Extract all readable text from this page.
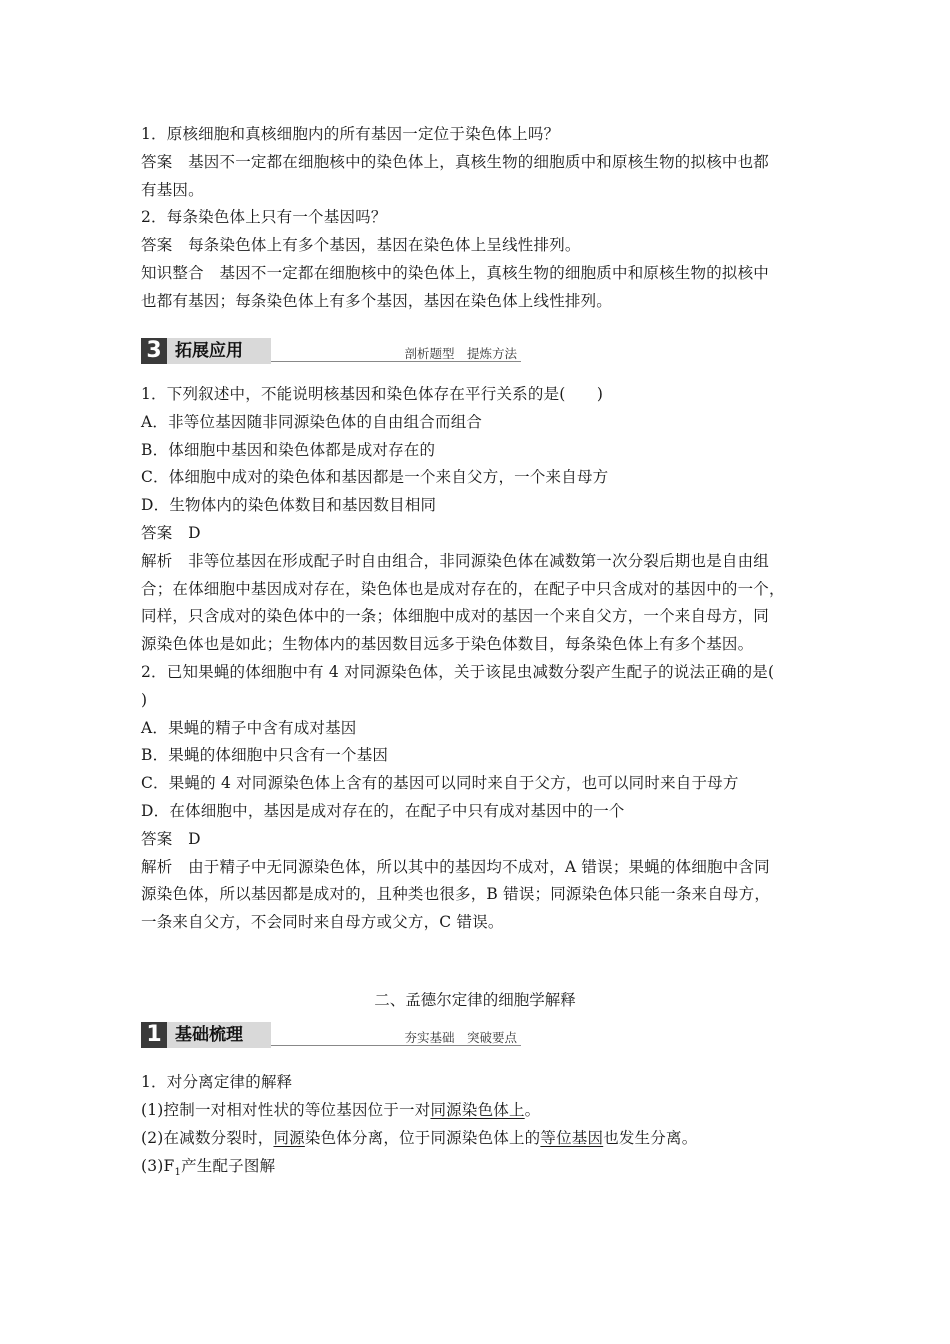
1．原核细胞和真核细胞内的所有基因一定位于染色体上吗？
答案　基因不一定都在细胞核中的染色体上，真核生物的细胞质中和原核生物的拟核中也都
有基因。
2．每条染色体上只有一个基因吗？
答案　每条染色体上有多个基因，基因在染色体上呈线性排列。
知识整合　基因不一定都在细胞核中的染色体上，真核生物的细胞质中和原核生物的拟核中
也都有基因；每条染色体上有多个基因，基因在染色体上线性排列。
3 拓展应用	剖析题型　提炼方法
1．下列叙述中，不能说明核基因和染色体存在平行关系的是(　　)
A．非等位基因随非同源染色体的自由组合而组合
B．体细胞中基因和染色体都是成对存在的
C．体细胞中成对的染色体和基因都是一个来自父方，一个来自母方
D．生物体内的染色体数目和基因数目相同
答案　D
解析　非等位基因在形成配子时自由组合，非同源染色体在减数第一次分裂后期也是自由组
合；在体细胞中基因成对存在，染色体也是成对存在的，在配子中只含成对的基因中的一个，
同样，只含成对的染色体中的一条；体细胞中成对的基因一个来自父方，一个来自母方，同
源染色体也是如此；生物体内的基因数目远多于染色体数目，每条染色体上有多个基因。
2．已知果蝇的体细胞中有 4 对同源染色体，关于该昆虫减数分裂产生配子的说法正确的是(
)
A．果蝇的精子中含有成对基因
B．果蝇的体细胞中只含有一个基因
C．果蝇的 4 对同源染色体上含有的基因可以同时来自于父方，也可以同时来自于母方
D．在体细胞中，基因是成对存在的，在配子中只有成对基因中的一个
答案　D
解析　由于精子中无同源染色体，所以其中的基因均不成对，A 错误；果蝇的体细胞中含同
源染色体，所以基因都是成对的，且种类也很多，B 错误；同源染色体只能一条来自母方，
一条来自父方，不会同时来自母方或父方，C 错误。
二、孟德尔定律的细胞学解释
1 基础梳理	夯实基础　突破要点
1．对分离定律的解释
(1)控制一对相对性状的等位基因位于一对同源染色体上。
(2)在减数分裂时，同源染色体分离，位于同源染色体上的等位基因也发生分离。
$(3)F_1$产生配子图解
